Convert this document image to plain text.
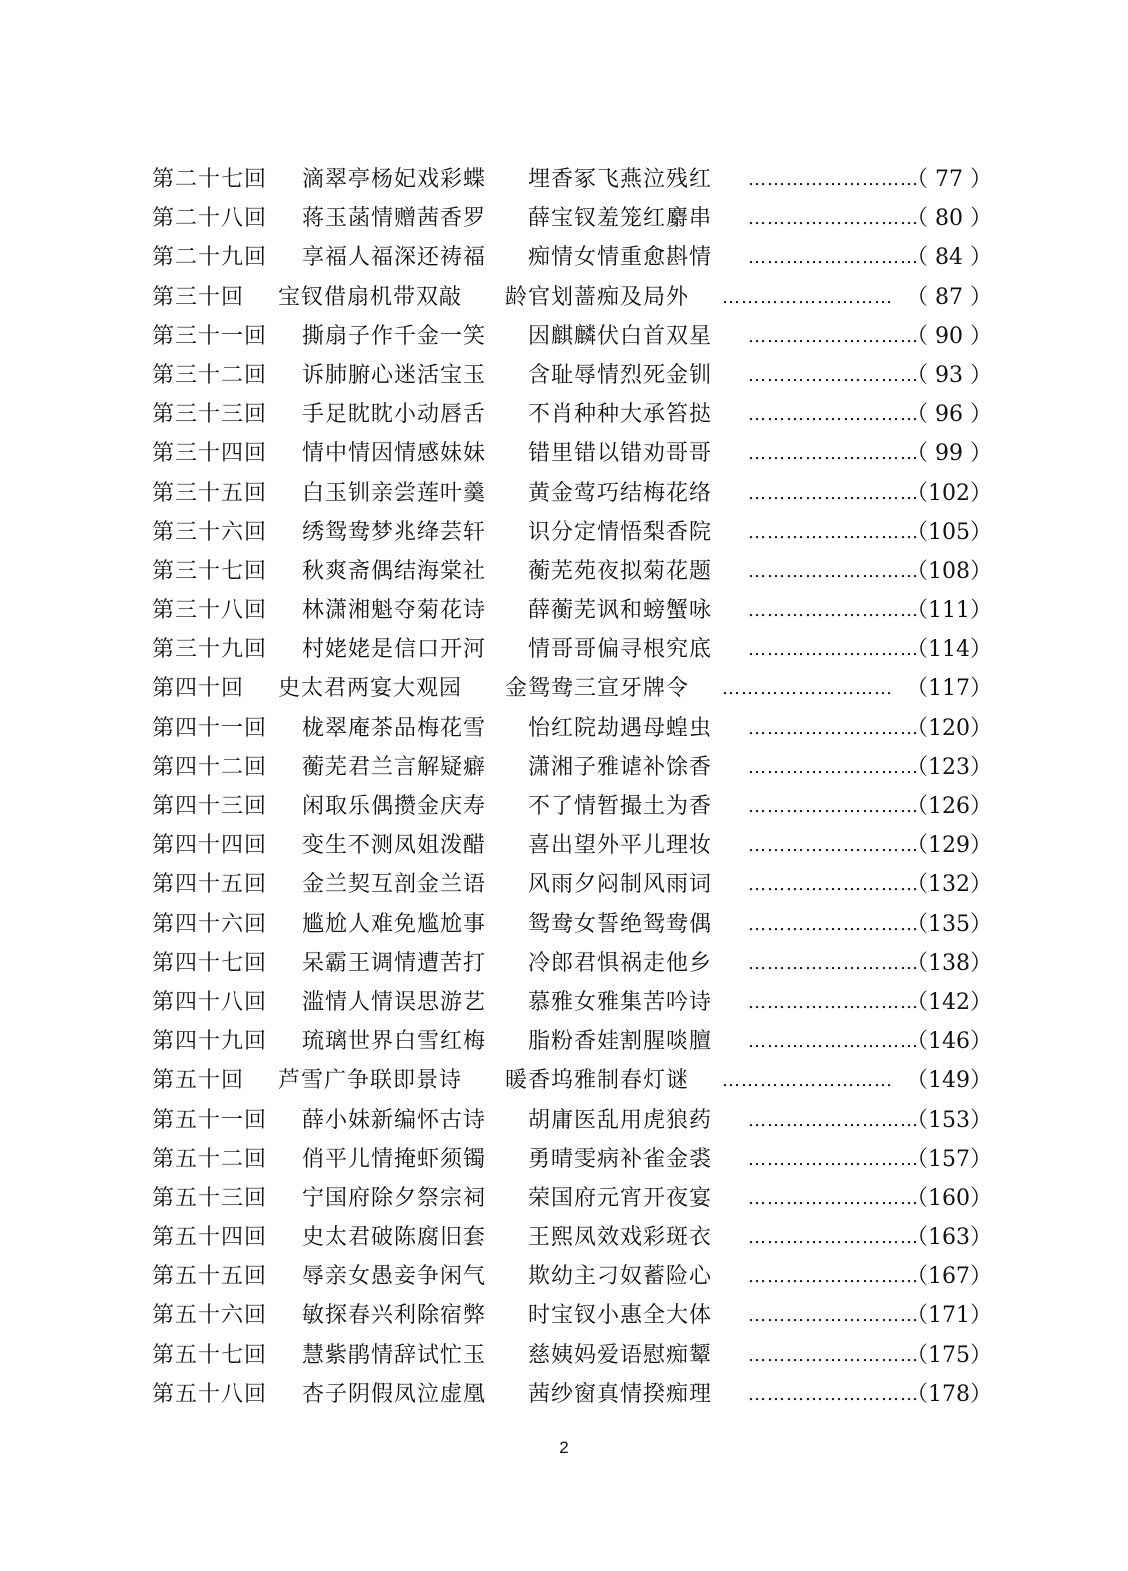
第二十七回 滴翠亭杨妃戏彩蝶 埋香冢飞燕泣残红 ………………………
（ 77 ）
第二十八回 蒋玉菡情赠茜香罗 薛宝钗羞笼红麝串 ………………………
（ 80 ）
第二十九回 享福人福深还祷福 痴情女情重愈斟情 ………………………
（ 84 ）
第三十回 宝钗借扇机带双敲 龄官划蔷痴及局外 ……………………… （ 87 ）
第三十一回 撕扇子作千金一笑 因麒麟伏白首双星 ………………………
（ 90 ）
第三十二回 诉肺腑心迷活宝玉 含耻辱情烈死金钏 ………………………
（ 93 ）
第三十三回 手足眈眈小动唇舌 不肖种种大承笞挞 ………………………
（ 96 ）
第三十四回 情中情因情感妹妹 错里错以错劝哥哥 ………………………
（ 99 ）
第三十五回 白玉钏亲尝莲叶羹 黄金莺巧结梅花络 ………………………
（102）
第三十六回 绣鸳鸯梦兆绛芸轩 识分定情悟梨香院 ………………………
（105）
第三十七回 秋爽斋偶结海棠社 蘅芜苑夜拟菊花题 ………………………
（108）
第三十八回 林潇湘魁夺菊花诗 薛蘅芜讽和螃蟹咏 ………………………
（111）
第三十九回 村姥姥是信口开河 情哥哥偏寻根究底 ………………………
（114）
第四十回 史太君两宴大观园 金鸳鸯三宣牙牌令 ……………………… （117）
第四十一回 栊翠庵茶品梅花雪 怡红院劫遇母蝗虫 ………………………
（120）
第四十二回 蘅芜君兰言解疑癖 潇湘子雅谑补馀香 ………………………
（123）
第四十三回 闲取乐偶攒金庆寿 不了情暂撮土为香 ………………………
（126）
第四十四回 变生不测凤姐泼醋 喜出望外平儿理妆 ………………………
（129）
第四十五回 金兰契互剖金兰语 风雨夕闷制风雨词 ………………………
（132）
第四十六回 尴尬人难免尴尬事 鸳鸯女誓绝鸳鸯偶 ………………………
（135）
第四十七回 呆霸王调情遭苦打 冷郎君惧祸走他乡 ………………………
（138）
第四十八回 滥情人情误思游艺 慕雅女雅集苦吟诗 ………………………
（142）
第四十九回 琉璃世界白雪红梅 脂粉香娃割腥啖膻 ………………………
（146）
第五十回 芦雪广争联即景诗 暖香坞雅制春灯谜 ……………………… （149）
第五十一回 薛小妹新编怀古诗 胡庸医乱用虎狼药 ………………………
（153）
第五十二回 俏平儿情掩虾须镯 勇晴雯病补雀金裘 ………………………
（157）
第五十三回 宁国府除夕祭宗祠 荣国府元宵开夜宴 ………………………
（160）
第五十四回 史太君破陈腐旧套 王熙凤效戏彩斑衣 ………………………
（163）
第五十五回 辱亲女愚妾争闲气 欺幼主刁奴蓄险心 ………………………
（167）
第五十六回 敏探春兴利除宿弊 时宝钗小惠全大体 ………………………
（171）
第五十七回 慧紫鹃情辞试忙玉 慈姨妈爱语慰痴颦 ………………………
（175）
第五十八回 杏子阴假凤泣虚凰 茜纱窗真情揆痴理 ………………………
（178）
2
